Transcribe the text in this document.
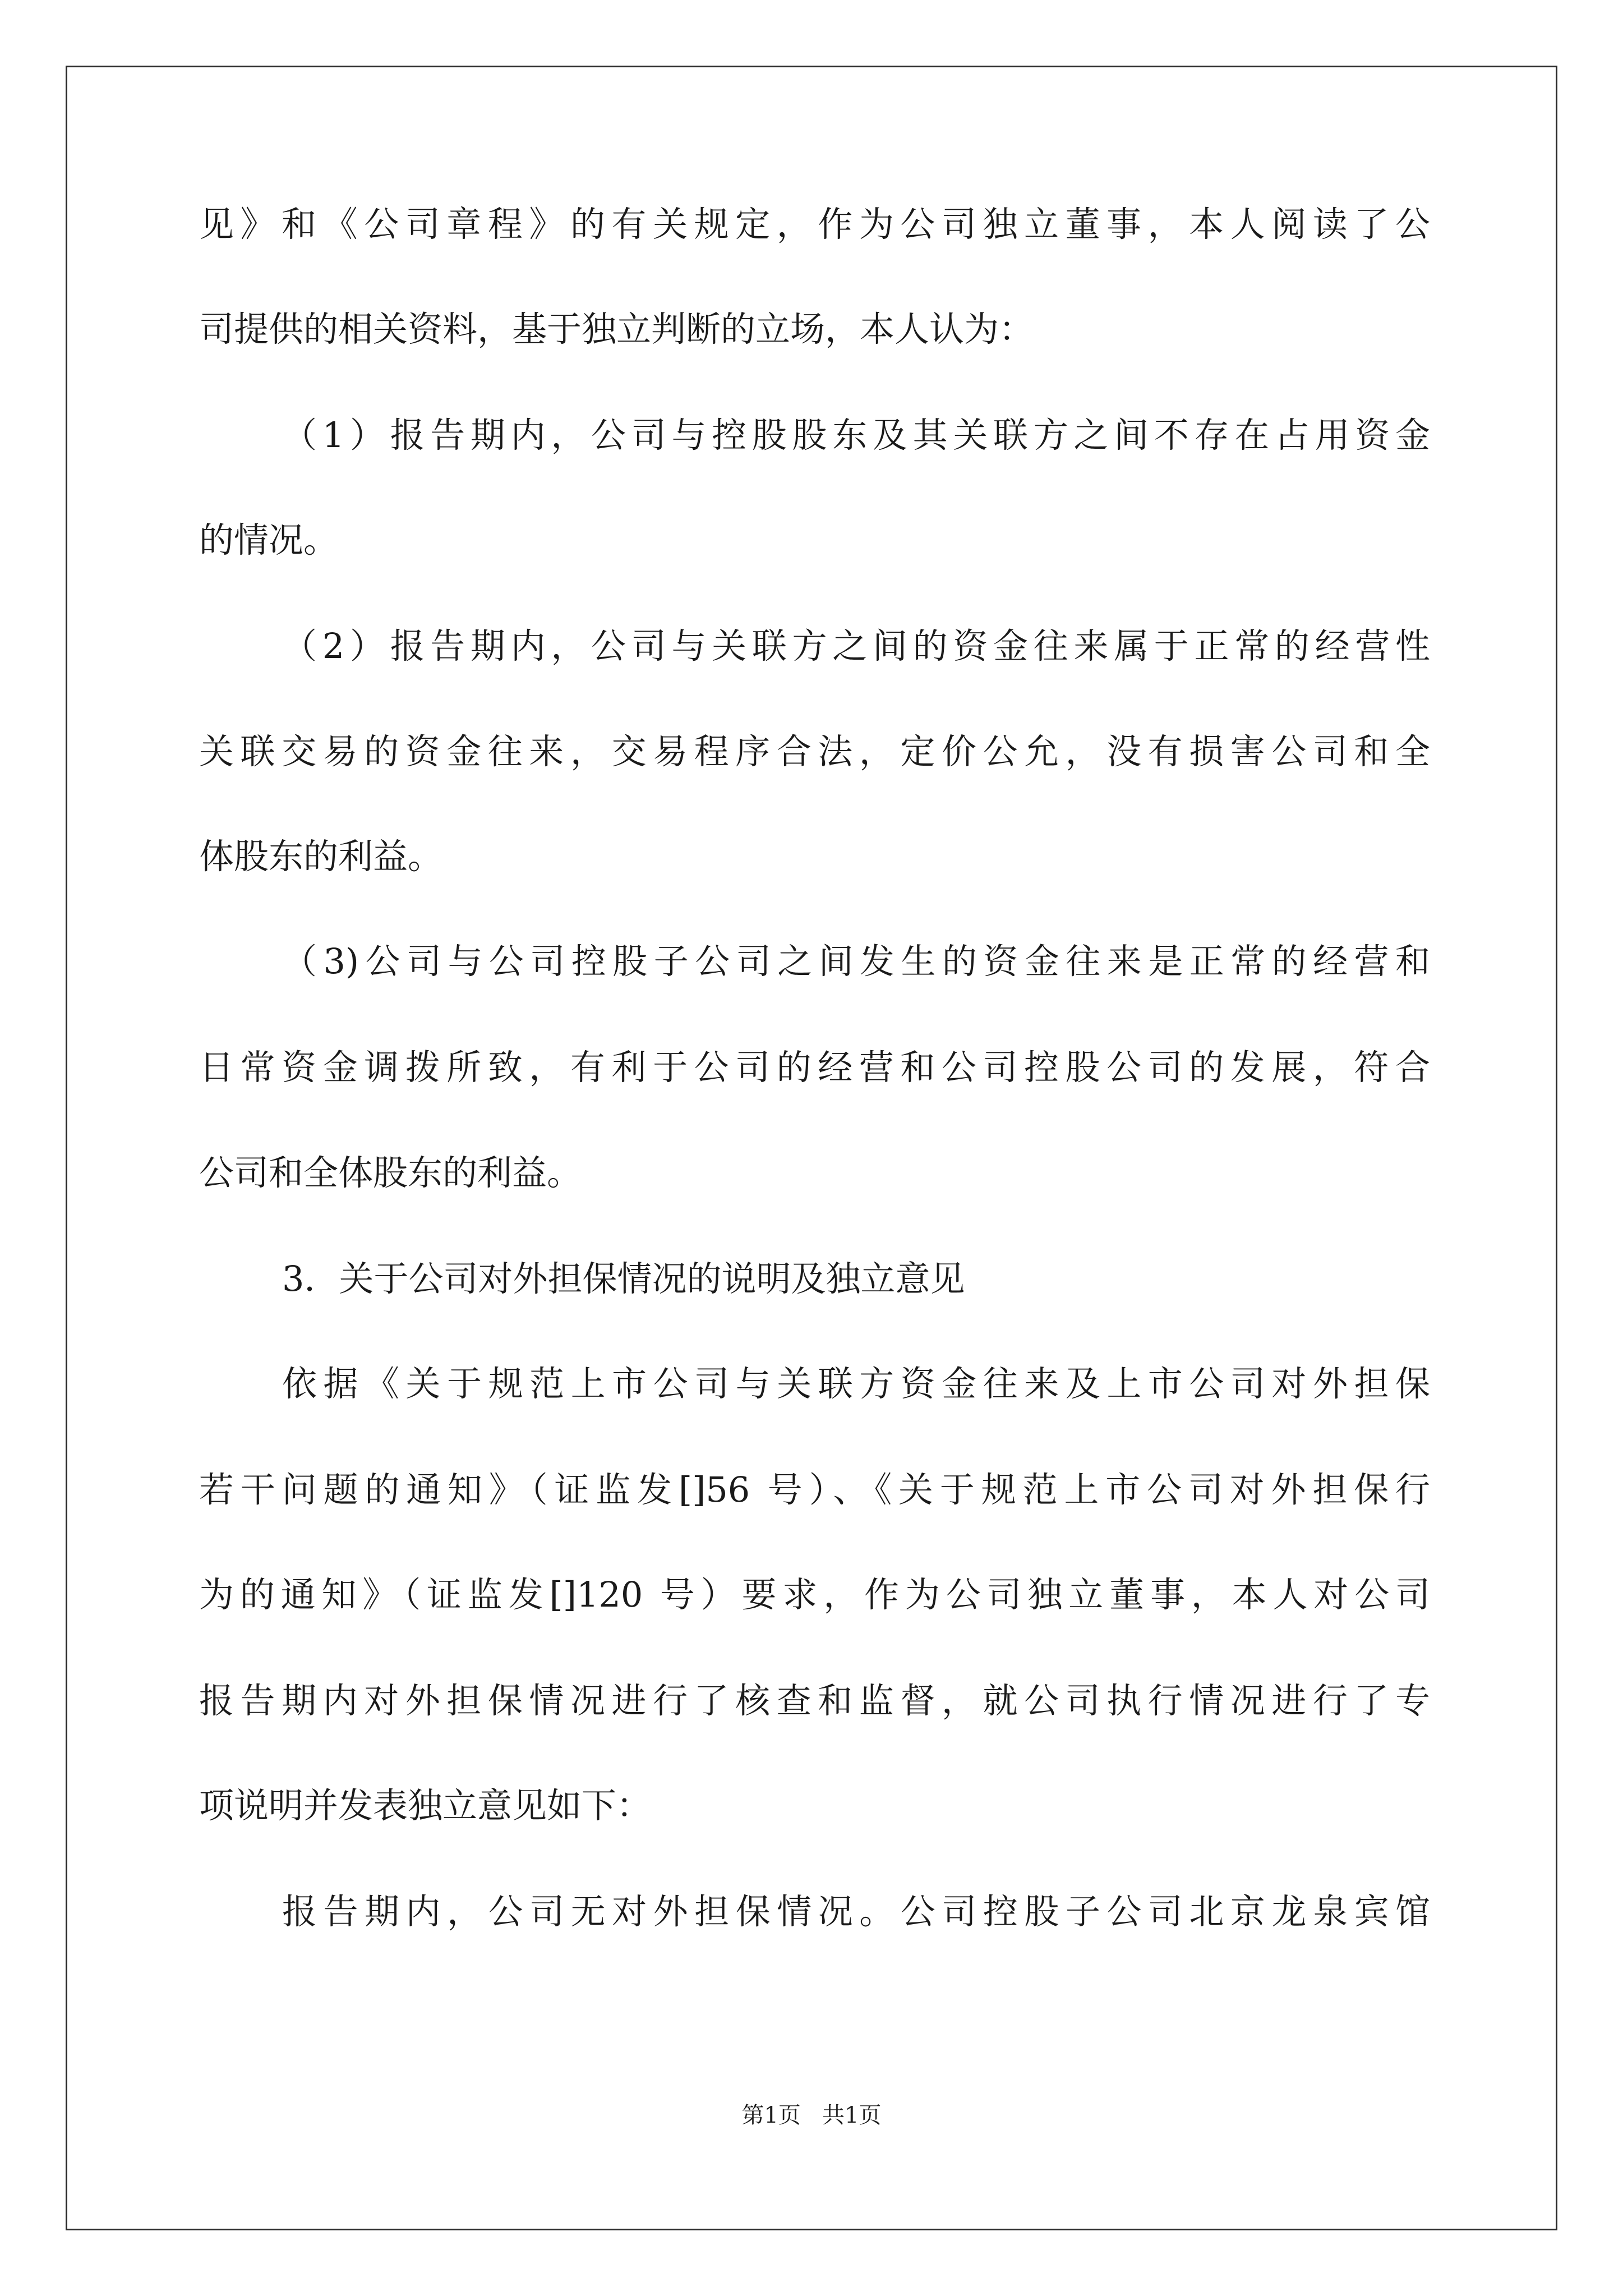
见》和《公司章程》的有关规定，作为公司独立董事，本人阅读了公
司提供的相关资料，基于独立判断的立场，本人认为：
（1）报告期内，公司与控股股东及其关联方之间不存在占用资金
的情况。
（2）报告期内，公司与关联方之间的资金往来属于正常的经营性
关联交易的资金往来，交易程序合法，定价公允，没有损害公司和全
体股东的利益。
（3)公司与公司控股子公司之间发生的资金往来是正常的经营和
日常资金调拨所致，有利于公司的经营和公司控股公司的发展，符合
公司和全体股东的利益。
3．关于公司对外担保情况的说明及独立意见
依据《关于规范上市公司与关联方资金往来及上市公司对外担保
若干问题的通知》（证监发[]56 号）、《关于规范上市公司对外担保行
为的通知》（证监发[]120 号）要求，作为公司独立董事，本人对公司
报告期内对外担保情况进行了核查和监督，就公司执行情况进行了专
项说明并发表独立意见如下：
报告期内，公司无对外担保情况。公司控股子公司北京龙泉宾馆
第1页   共1页
